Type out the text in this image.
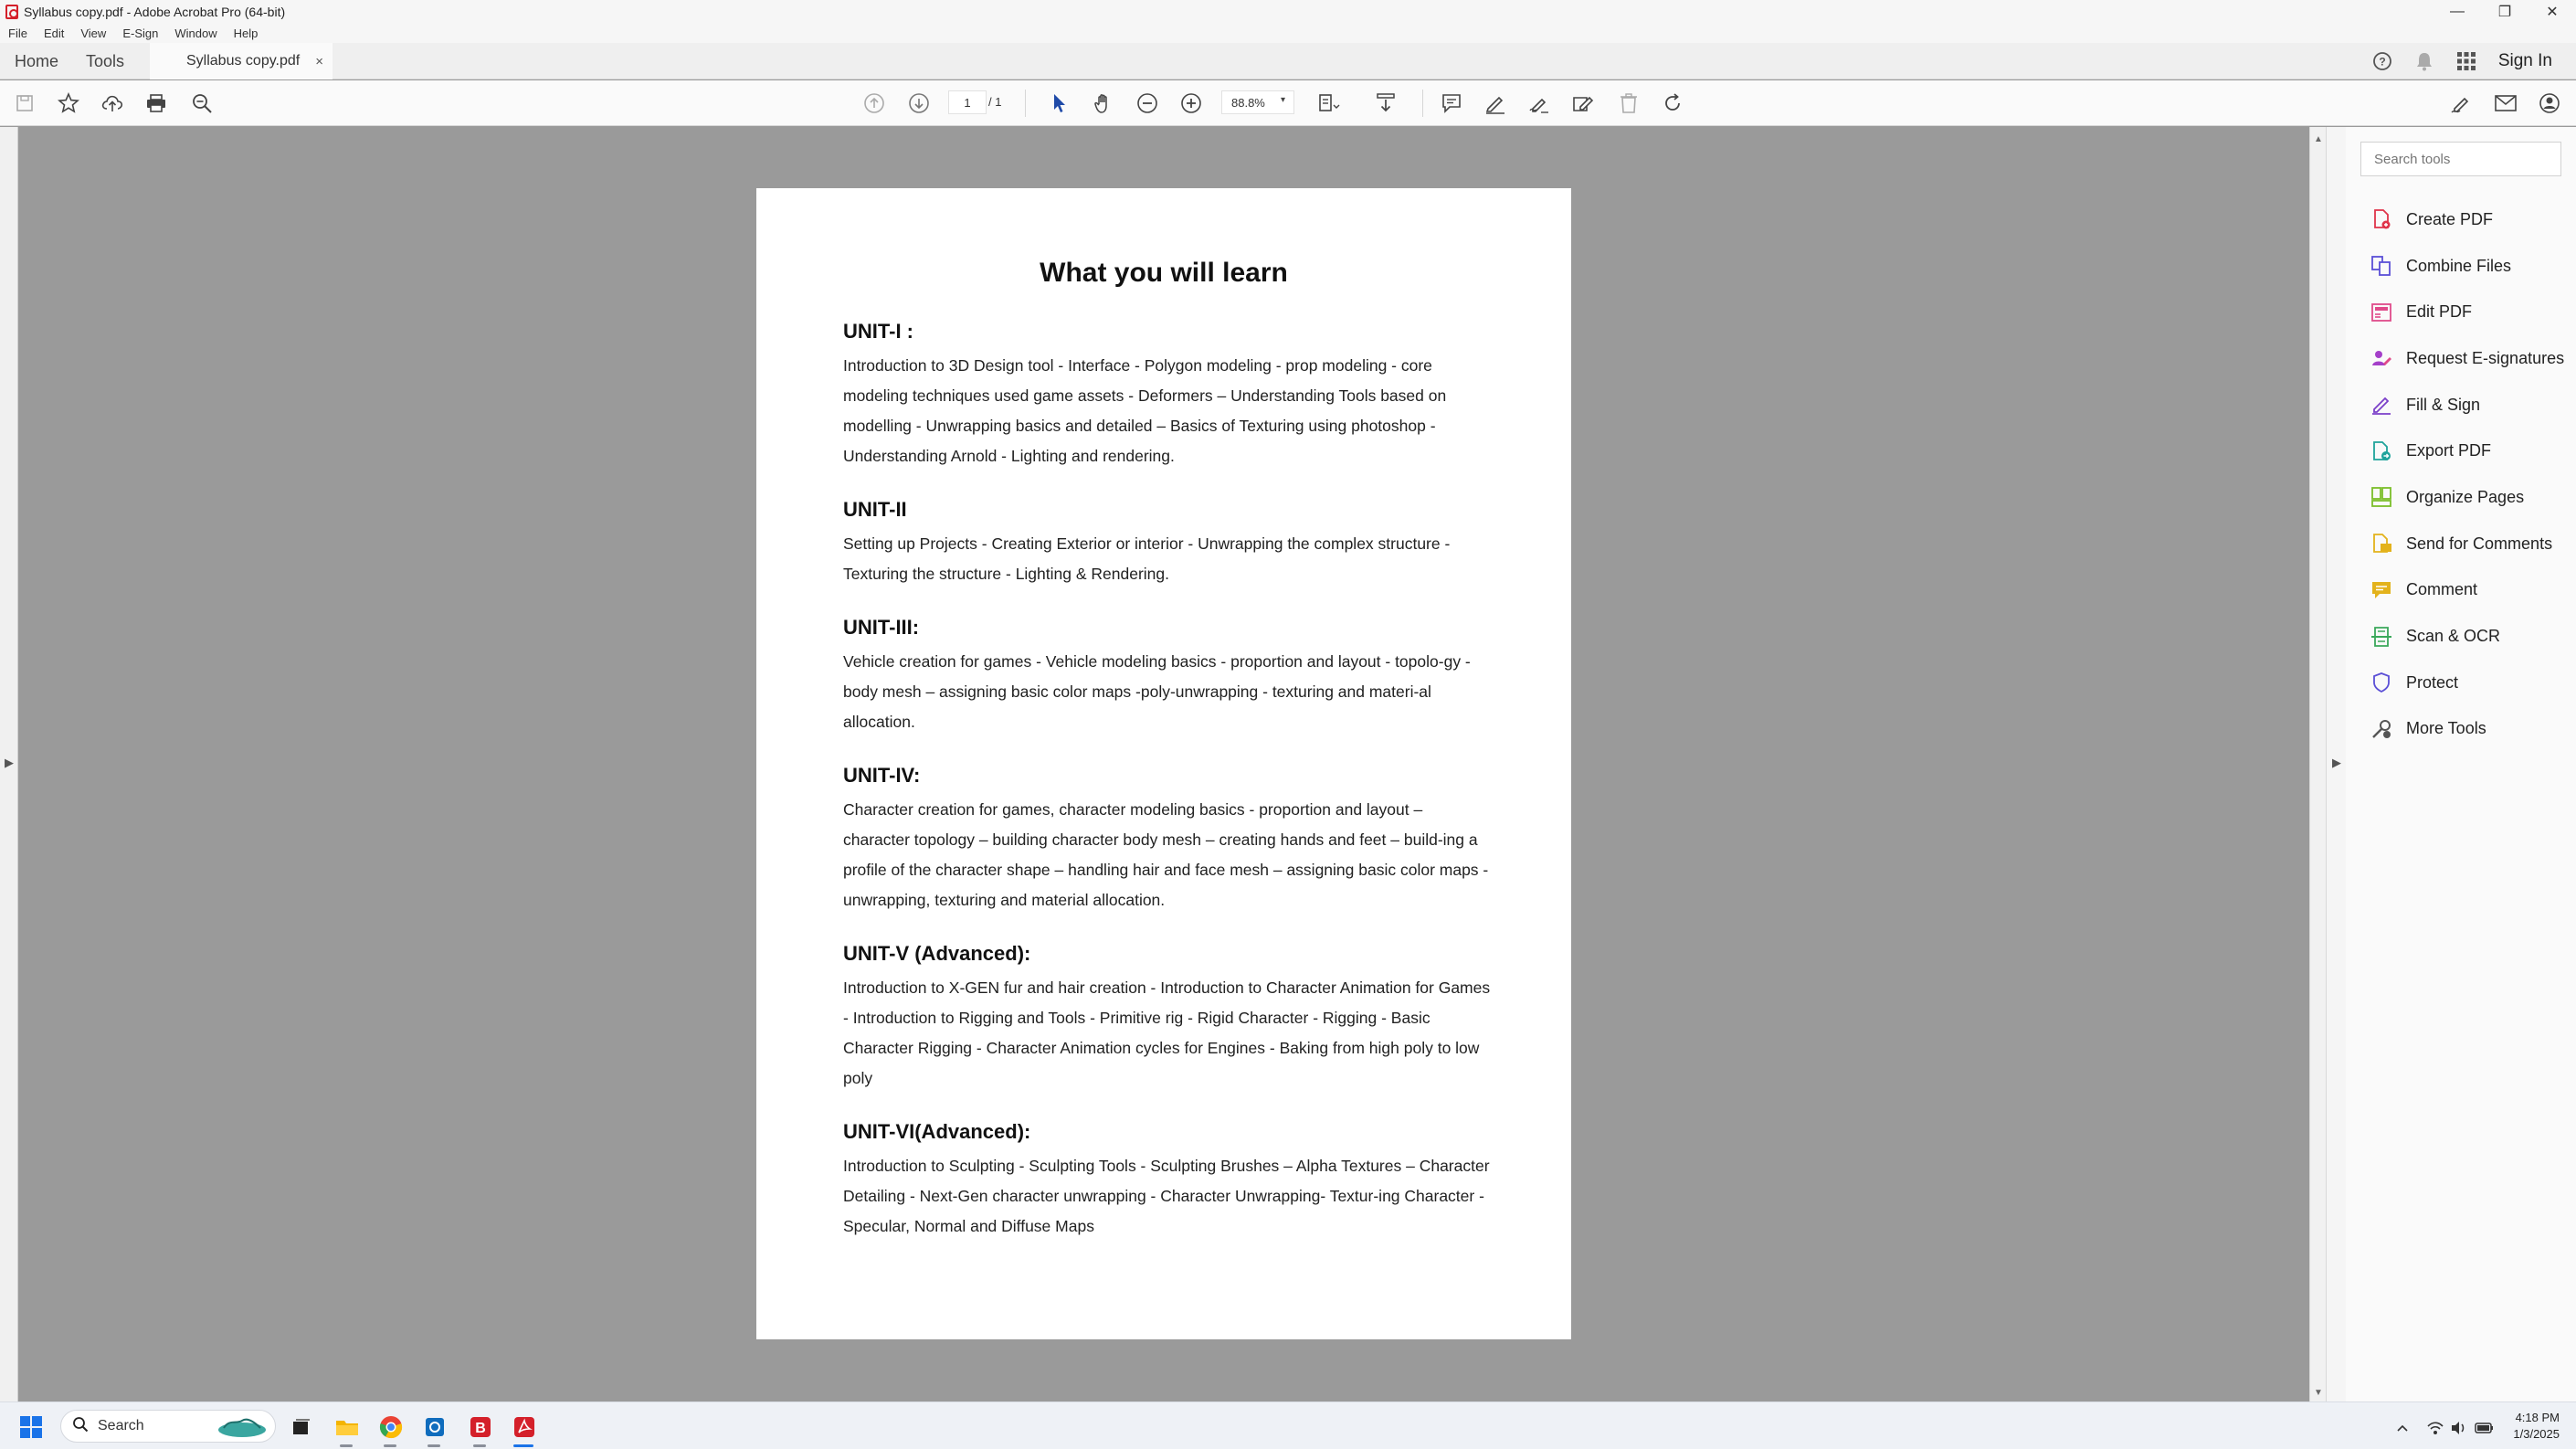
Syllabus copy.pdf - Adobe Acrobat Pro (64-bit)	—	❐	✕
File Edit View E-Sign Window Help
Home Tools	Syllabus copy.pdf ×	?	Sign In
1	/ 1	88.8%	▾
▶
What you will learn
UNIT-I :
Introduction to 3D Design tool - Interface - Polygon modeling - prop modeling - core modeling techniques used game assets - Deformers – Understanding Tools based on modelling - Unwrapping basics and detailed – Basics of Texturing using photoshop - Understanding Arnold - Lighting and rendering.
UNIT-II
Setting up Projects - Creating Exterior or interior - Unwrapping the complex structure - Texturing the structure - Lighting & Rendering.
UNIT-III:
Vehicle creation for games - Vehicle modeling basics - proportion and layout - topolo-gy - body mesh – assigning basic color maps -poly-unwrapping - texturing and materi-al allocation.
UNIT-IV:
Character creation for games, character modeling basics - proportion and layout – character topology – building character body mesh – creating hands and feet – build-ing a profile of the character shape – handling hair and face mesh – assigning basic color maps - unwrapping, texturing and material allocation.
UNIT-V (Advanced):
Introduction to X-GEN fur and hair creation - Introduction to Character Animation for Games - Introduction to Rigging and Tools - Primitive rig - Rigid Character - Rigging - Basic Character Rigging - Character Animation cycles for Engines - Baking from high poly to low poly
UNIT-VI(Advanced):
Introduction to Sculpting - Sculpting Tools - Sculpting Brushes – Alpha Textures – Character Detailing - Next-Gen character unwrapping - Character Unwrapping- Textur-ing Character - Specular, Normal and Diffuse Maps
▲
▼
▶
Search tools
Create PDF
Combine Files
Edit PDF
Request E-signatures
Fill & Sign
Export PDF
Organize Pages
Send for Comments
Comment
Scan & OCR
Protect
More Tools
Search	B
4:18 PM
1/3/2025
